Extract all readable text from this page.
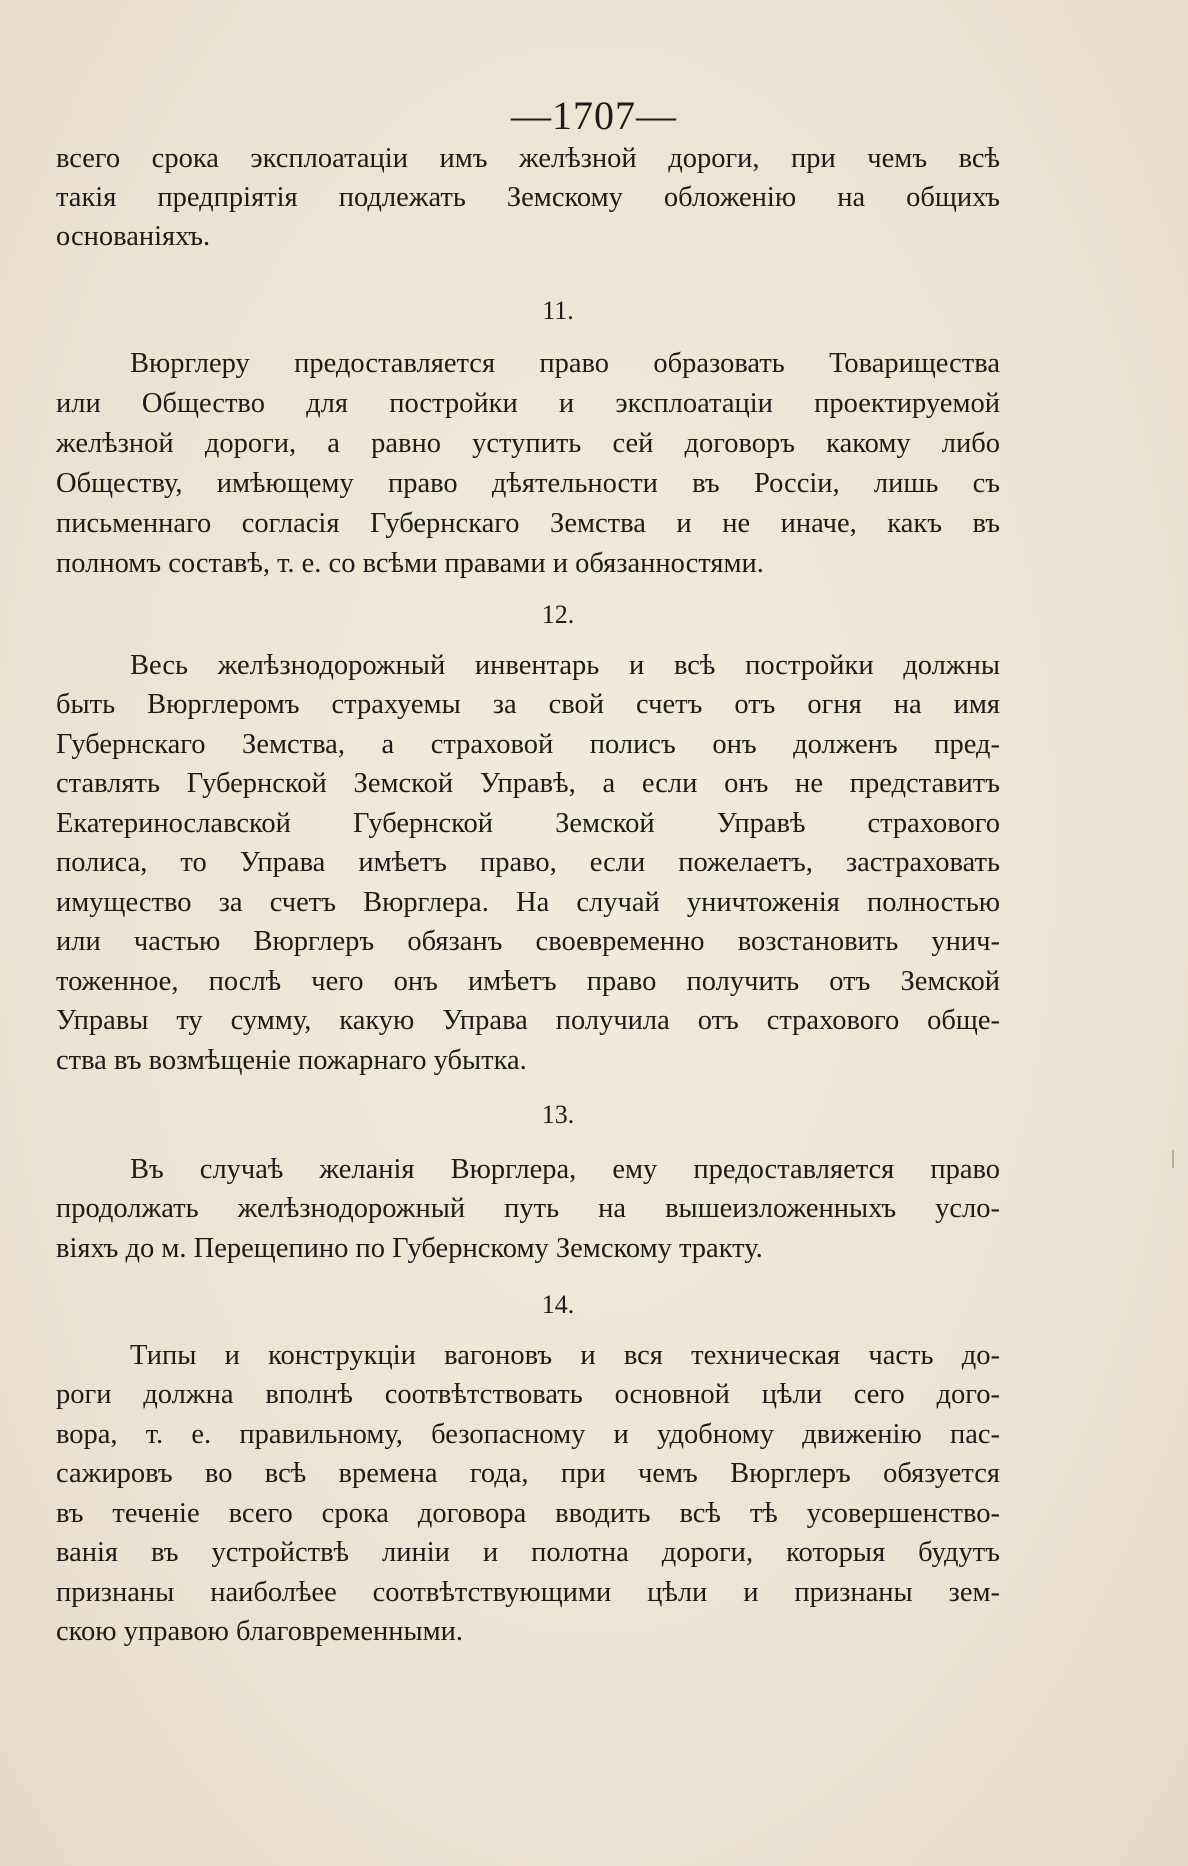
—1707—
всего срока эксплоатаціи имъ желѣзной дороги, при чемъ всѣ
такія предпріятія подлежать Земскому обложенію на общихъ
основаніяхъ.
11.
Вюрглеру предоставляется право образовать Товарищества
или Общество для постройки и эксплоатаціи проектируемой
желѣзной дороги, а равно уступить сей договоръ какому либо
Обществу, имѣющему право дѣятельности въ Россіи, лишь съ
письменнаго согласія Губернскаго Земства и не иначе, какъ въ
полномъ составѣ, т. е. со всѣми правами и обязанностями.
12.
Весь желѣзнодорожный инвентарь и всѣ постройки должны
быть Вюрглеромъ страхуемы за свой счетъ отъ огня на имя
Губернскаго Земства, а страховой полисъ онъ долженъ пред-
ставлять Губернской Земской Управѣ, а если онъ не представитъ
Екатеринославской Губернской Земской Управѣ страхового
полиса, то Управа имѣетъ право, если пожелаетъ, застраховать
имущество за счетъ Вюрглера. На случай уничтоженія полностью
или частью Вюрглеръ обязанъ своевременно возстановить унич-
тоженное, послѣ чего онъ имѣетъ право получить отъ Земской
Управы ту сумму, какую Управа получила отъ страхового обще-
ства въ возмѣщеніе пожарнаго убытка.
13.
Въ случаѣ желанія Вюрглера, ему предоставляется право
продолжать желѣзнодорожный путь на вышеизложенныхъ усло-
віяхъ до м. Перещепино по Губернскому Земскому тракту.
14.
Типы и конструкціи вагоновъ и вся техническая часть до-
роги должна вполнѣ соотвѣтствовать основной цѣли сего дого-
вора, т. е. правильному, безопасному и удобному движенію пас-
сажировъ во всѣ времена года, при чемъ Вюрглеръ обязуется
въ теченіе всего срока договора вводить всѣ тѣ усовершенство-
ванія въ устройствѣ линіи и полотна дороги, которыя будутъ
признаны наиболѣее соотвѣтствующими цѣли и признаны зем-
скою управою благовременными.
